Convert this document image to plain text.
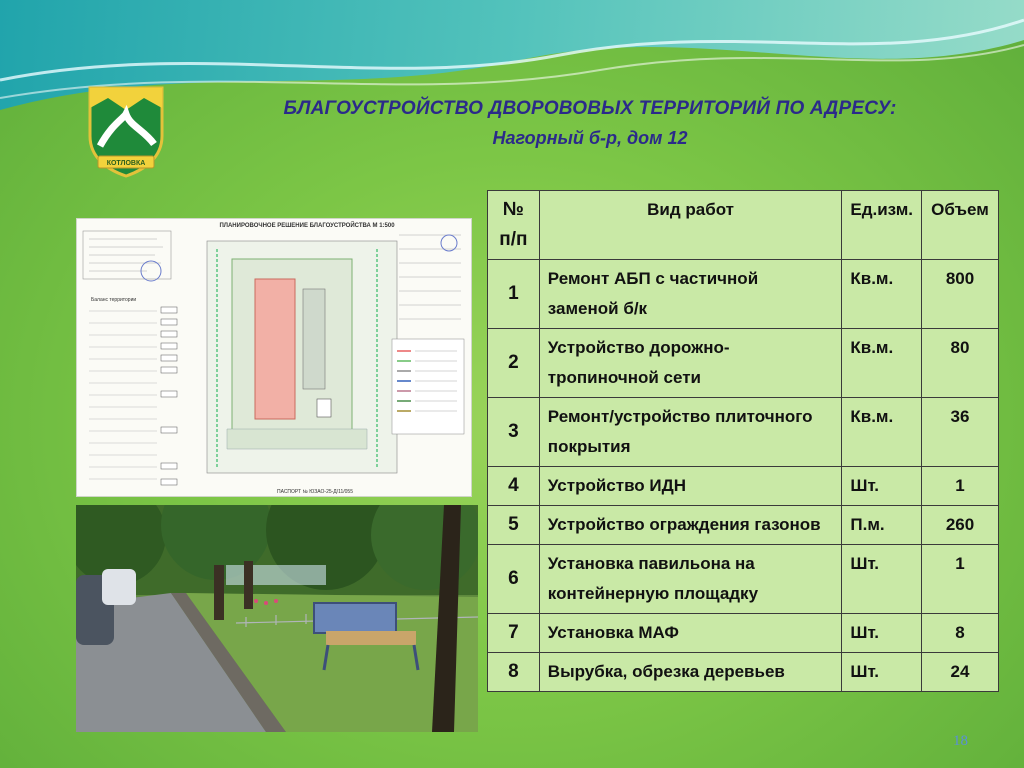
КОТЛОВКА
БЛАГОУСТРОЙСТВО ДВОРОВОВЫХ ТЕРРИТОРИЙ ПО АДРЕСУ:
Нагорный б-р, дом 12
ПЛАНИРОВОЧНОЕ РЕШЕНИЕ БЛАГОУСТРОЙСТВА М 1:500
Баланс территории
ПАСПОРТ № ЮЗАО-25-Д/11/055
№ п/п	Вид работ	Ед.изм.	Объем
1	Ремонт АБП с частичной заменой б/к	Кв.м.	800
2	Устройство дорожно-тропиночной сети	Кв.м.	80
3	Ремонт/устройство плиточного покрытия	Кв.м.	36
4	Устройство ИДН	Шт.	1
5	Устройство ограждения газонов	П.м.	260
6	Установка павильона на контейнерную площадку	Шт.	1
7	Установка МАФ	Шт.	8
8	Вырубка, обрезка деревьев	Шт.	24
18
